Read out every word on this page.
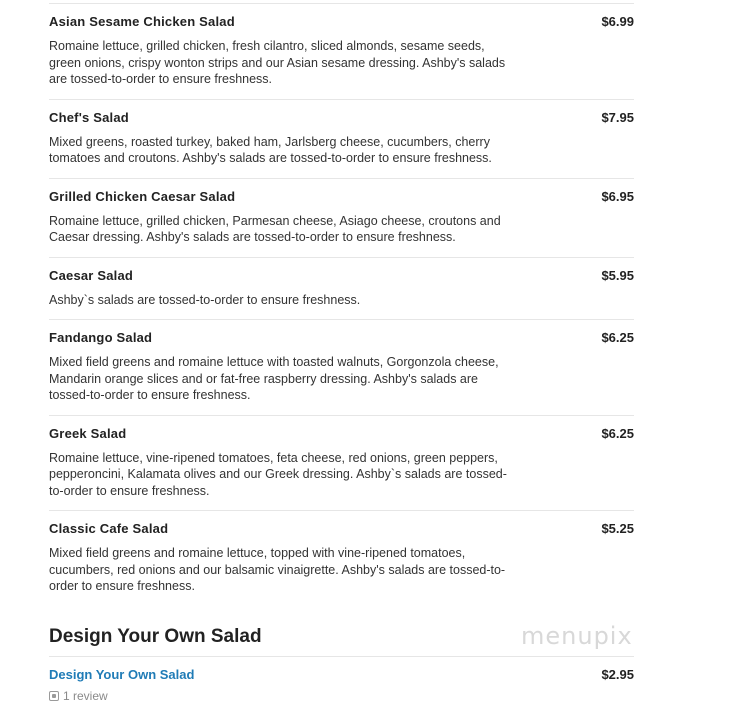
Asian Sesame Chicken Salad	$6.99
Romaine lettuce, grilled chicken, fresh cilantro, sliced almonds, sesame seeds, green onions, crispy wonton strips and our Asian sesame dressing. Ashby's salads are tossed-to-order to ensure freshness.
Chef's Salad	$7.95
Mixed greens, roasted turkey, baked ham, Jarlsberg cheese, cucumbers, cherry tomatoes and croutons. Ashby's salads are tossed-to-order to ensure freshness.
Grilled Chicken Caesar Salad	$6.95
Romaine lettuce, grilled chicken, Parmesan cheese, Asiago cheese, croutons and Caesar dressing. Ashby's salads are tossed-to-order to ensure freshness.
Caesar Salad	$5.95
Ashby`s salads are tossed-to-order to ensure freshness.
Fandango Salad	$6.25
Mixed field greens and romaine lettuce with toasted walnuts, Gorgonzola cheese, Mandarin orange slices and or fat-free raspberry dressing. Ashby's salads are tossed-to-order to ensure freshness.
Greek Salad	$6.25
Romaine lettuce, vine-ripened tomatoes, feta cheese, red onions, green peppers, pepperoncini, Kalamata olives and our Greek dressing. Ashby`s salads are tossed-to-order to ensure freshness.
Classic Cafe Salad	$5.25
Mixed field greens and romaine lettuce, topped with vine-ripened tomatoes, cucumbers, red onions and our balsamic vinaigrette. Ashby's salads are tossed-to-order to ensure freshness.
Design Your Own Salad
Design Your Own Salad	$2.95
1 review
menupix
